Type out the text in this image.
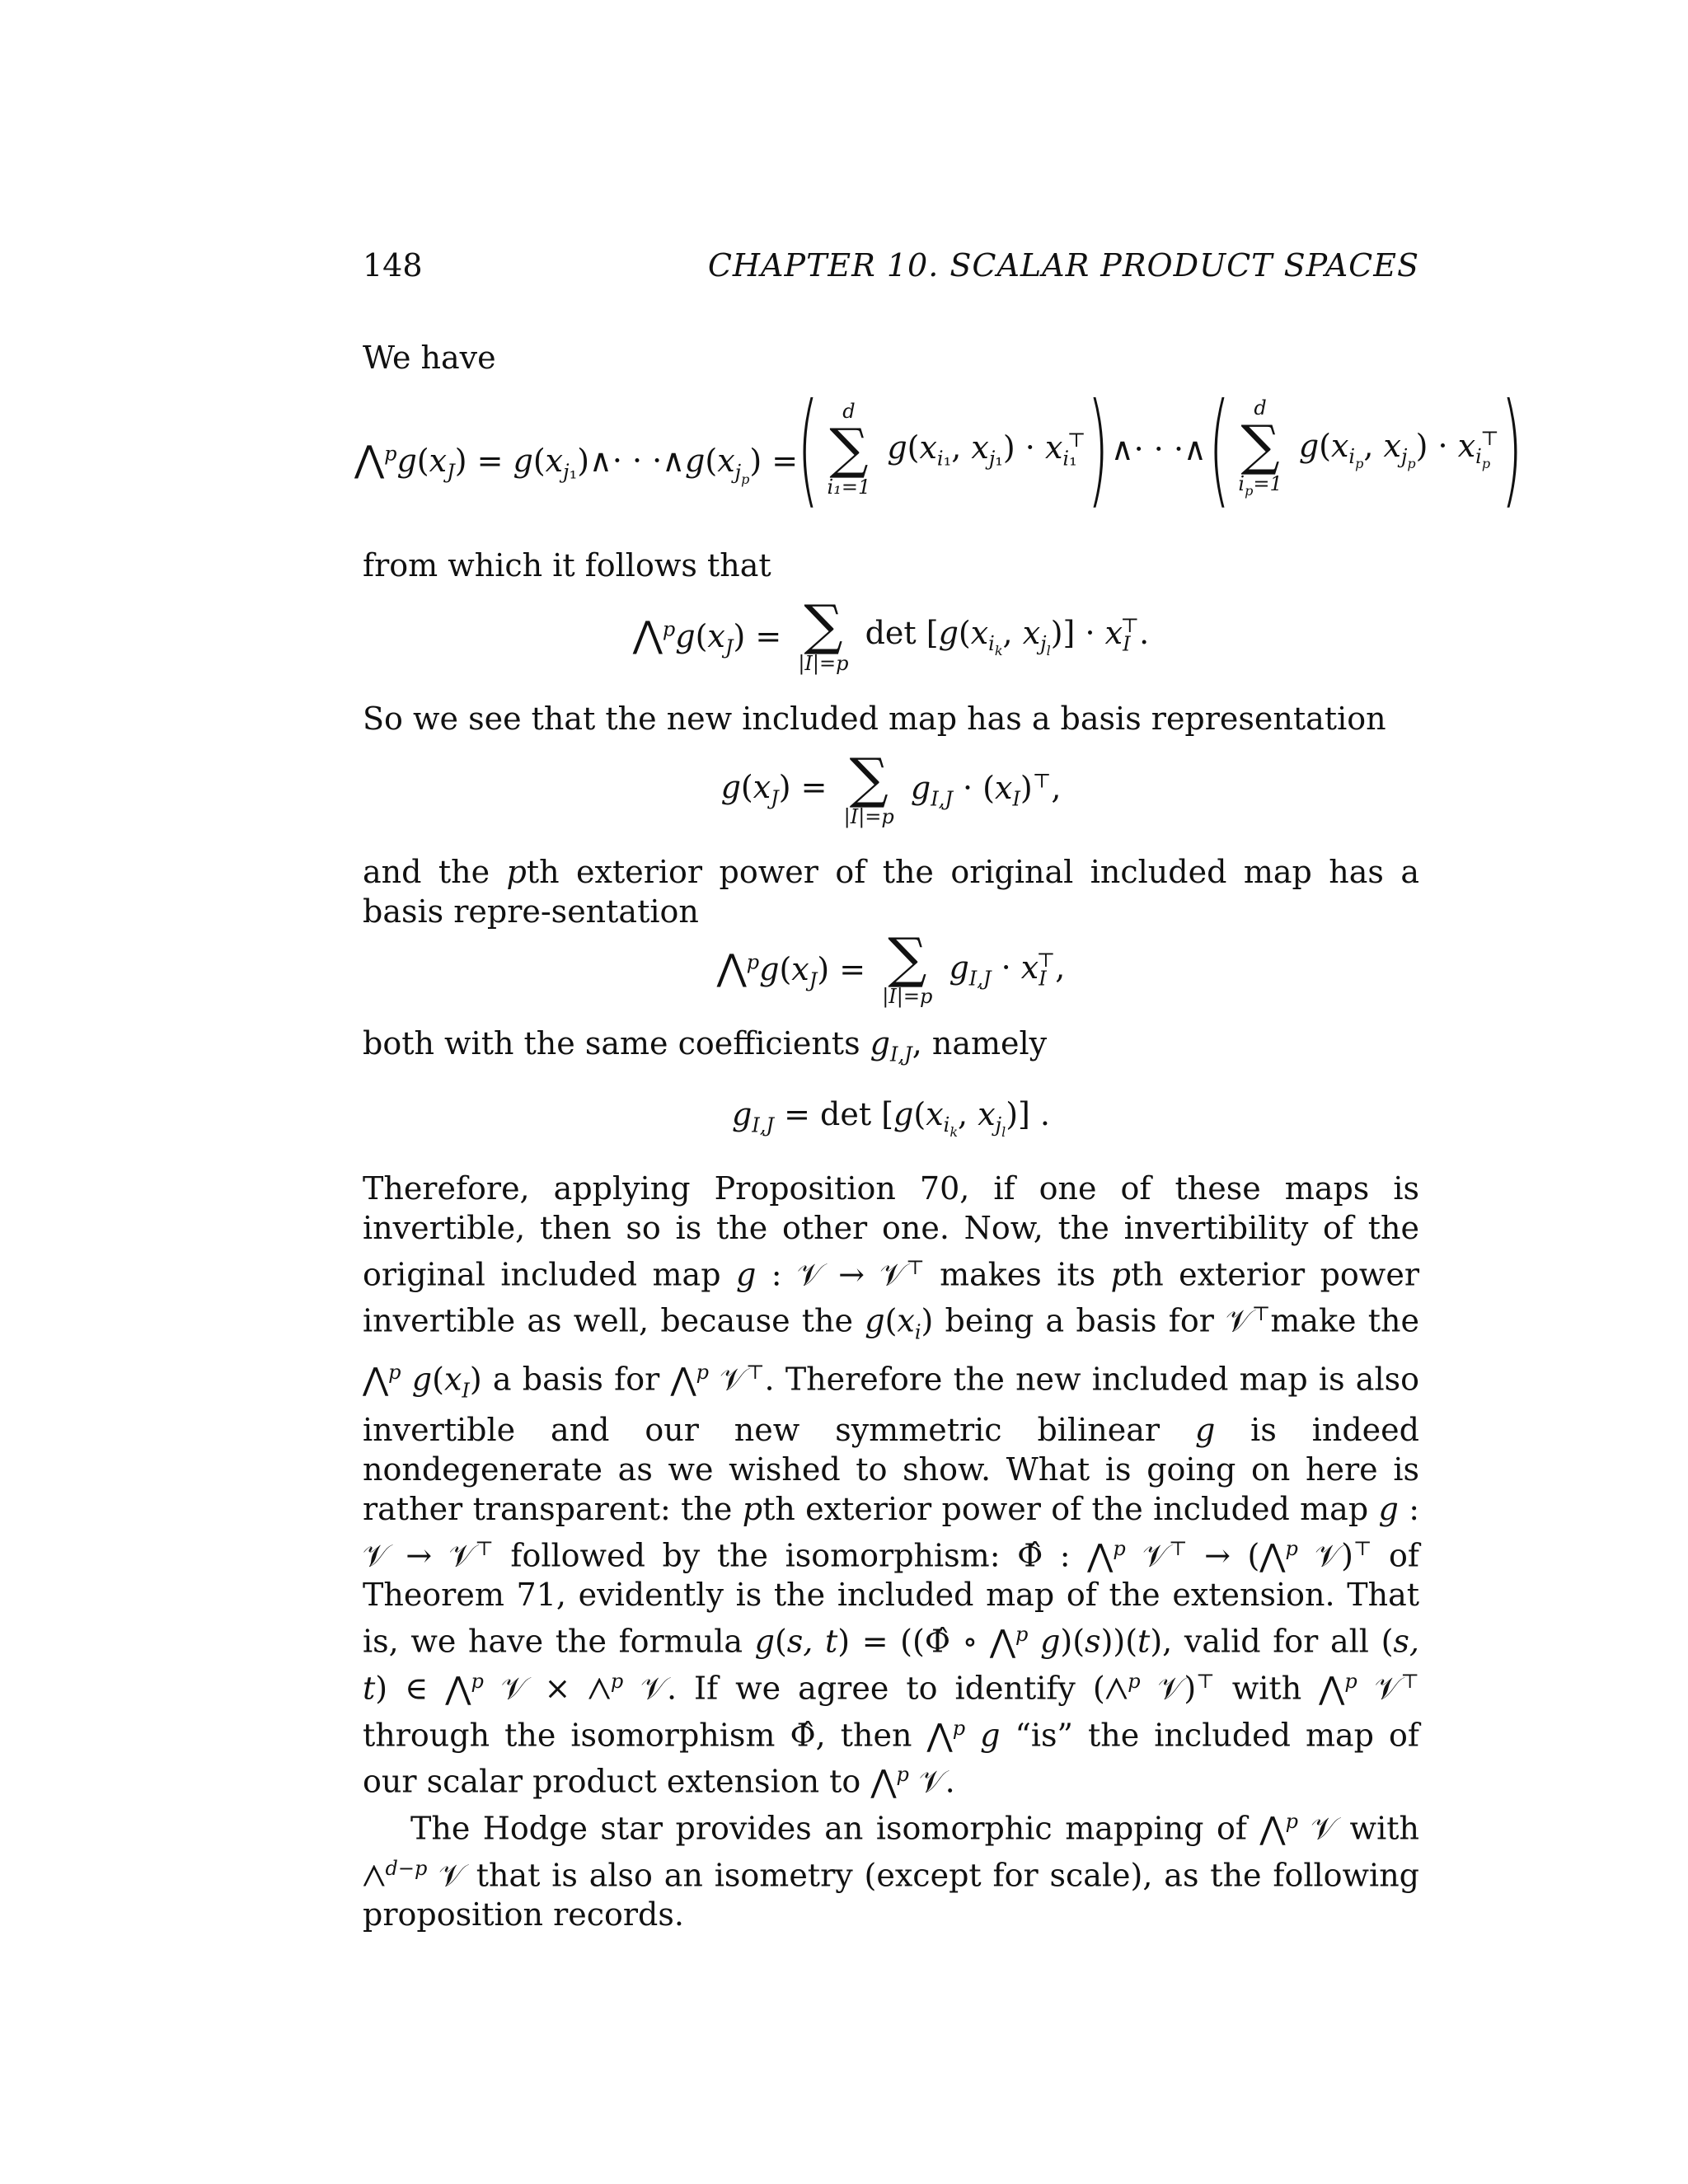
148	CHAPTER 10. SCALAR PRODUCT SPACES

We have

$⋀^pg(x_J)$ = $g(x_{j_1})\wedge\cdot$ · $\cdot\wedge g(x_{j_p})$ = (	d
∑
i₁=1
$g(x_{i_1}$, $x_{j_1}$) · $x_{i_1}^⊤)\wedge\cdot$ · ·∧(	d
∑
$i_p=1$
$g(x_{i_p}$, $x_{j_p}) \cdot x_{i_p}^⊤$)

from which it follows that

$⋀^pg(x_J)$ = ∑
|I|=p
$\det [g(x_{i_k}$, $x_{j_l})] \cdot x_I^⊤$.

So we see that the new included map has a basis representation

$g(x_J)$ = ∑
|I|=p
$g_{I,J} \cdot (x_I)^⊤$,

and the pth exterior power of the original included map has a basis repre-sentation

$⋀^pg(x_J)$ = ∑
|I|=p
$g_{I,J} \cdot x_I^⊤$,

both with the same coefficients $g_{I,J}$, namely

$g_{I,J} = \det [g(x_{i_k}$, $x_{j_l}$)] .

Therefore, applying Proposition 70, if one of these maps is invertible, then so is the other one. Now, the invertibility of the original included map g : 𝒱 → 𝒱⊤ makes its pth exterior power invertible as well, because the $g(x_i)$ being a basis for 𝒱⊤make the ⋀$^p$ $g(x_I)$ a basis for ⋀$^p$ 𝒱⊤. Therefore the new included map is also invertible and our new symmetric bilinear g is indeed nondegenerate as we wished to show. What is going on here is rather transparent: the pth exterior power of the included map g : 𝒱 → 𝒱⊤ followed by the isomorphism: Φ̂ : ⋀$^p$ 𝒱⊤ → (⋀$^p$ 𝒱)⊤ of Theorem 71, evidently is the included map of the extension. That is, we have the formula g(s, t) = ((Φ̂ ∘ ⋀$^p$ g)(s))(t), valid for all (s, t) ∈ ⋀$^p$ 𝒱 × ⋀$^p$ 𝒱. If we agree to identify (⋀$^p$ 𝒱)⊤ with ⋀$^p$ 𝒱⊤ through the isomorphism Φ̂, then ⋀$^p$ g “is” the included map of our scalar product extension to ⋀$^p$ 𝒱.

The Hodge star provides an isomorphic mapping of ⋀$^p$ 𝒱 with ⋀$^{d-p}$ 𝒱 that is also an isometry (except for scale), as the following proposition records.
